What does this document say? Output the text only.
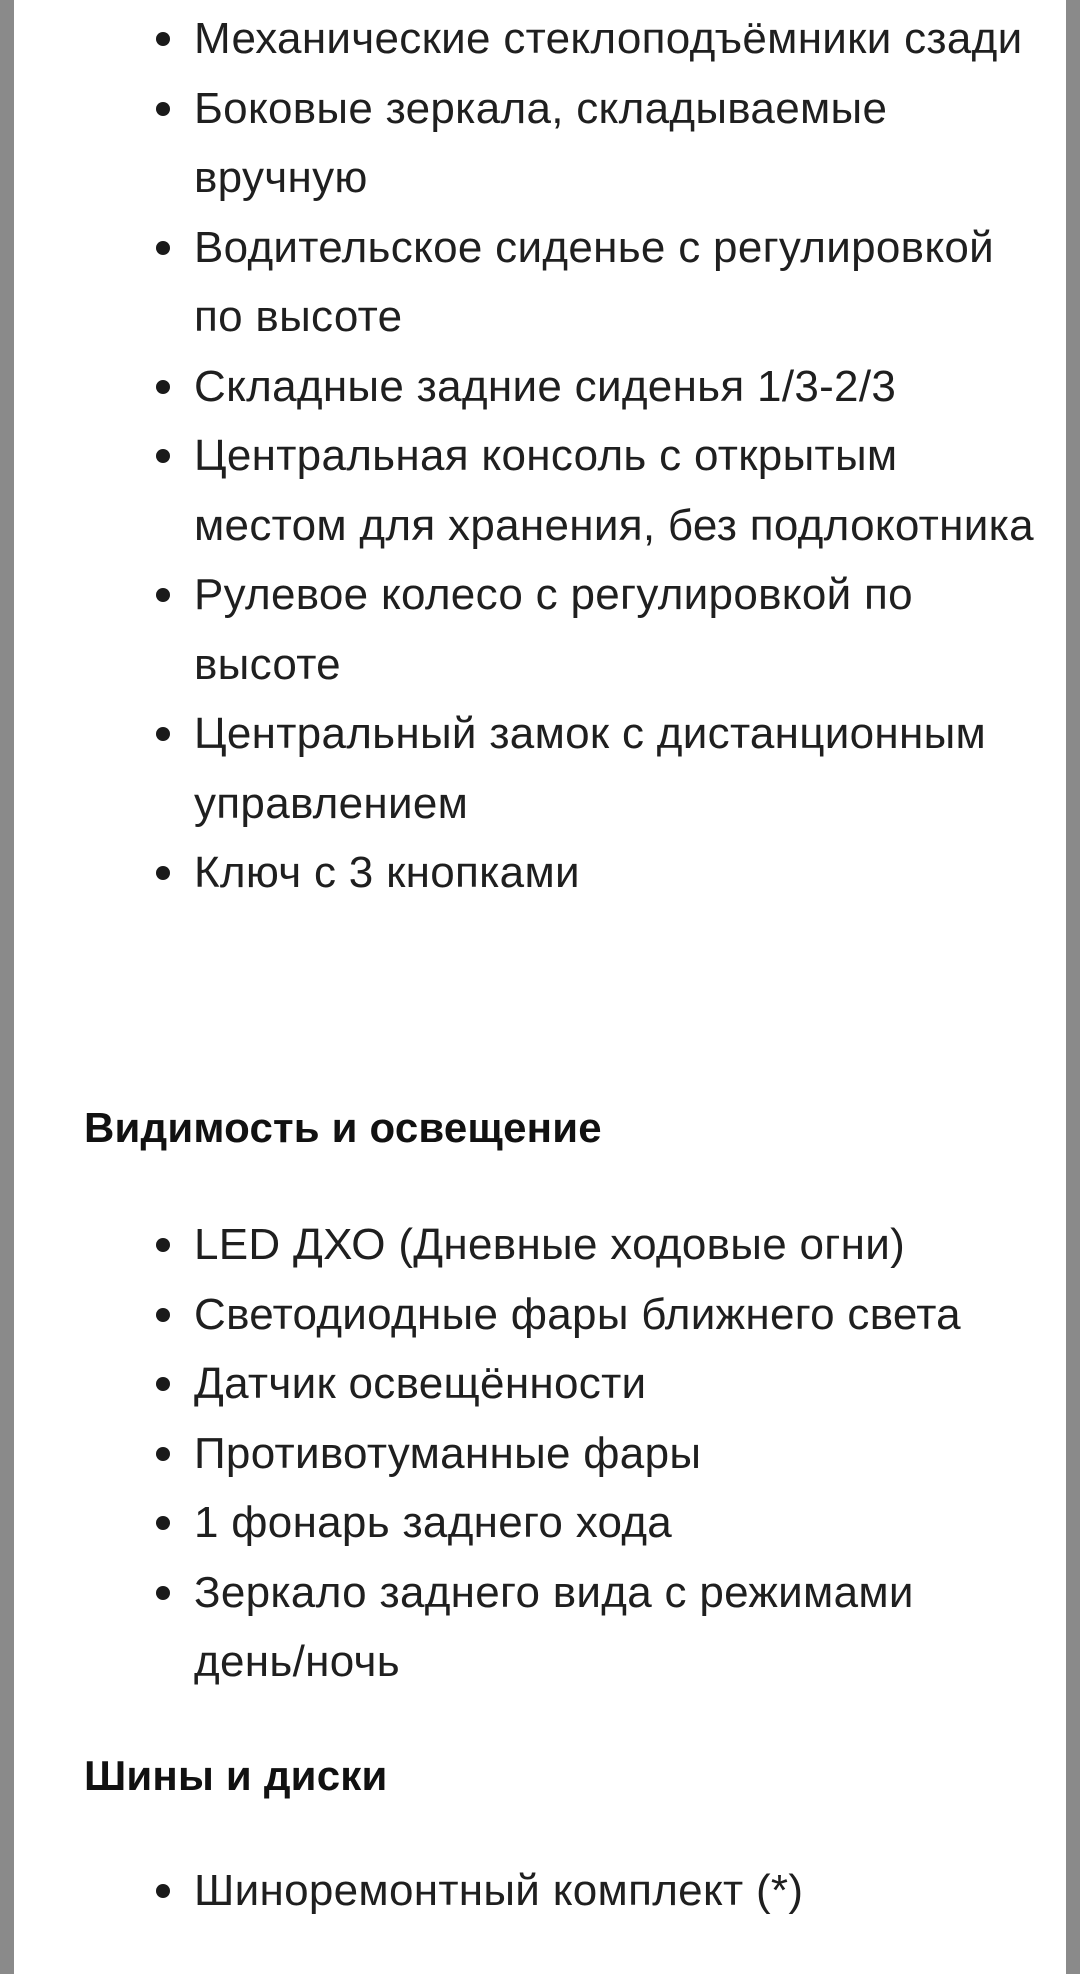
Механические стеклоподъёмники сзади
Боковые зеркала, складываемые вручную
Водительское сиденье с регулировкой по высоте
Складные задние сиденья 1/3-2/3
Центральная консоль с открытым местом для хранения, без подлокотника
Рулевое колесо с регулировкой по высоте
Центральный замок с дистанционным управлением
Ключ с 3 кнопками
Видимость и освещение
LED ДХО (Дневные ходовые огни)
Светодиодные фары ближнего света
Датчик освещённости
Противотуманные фары
1 фонарь заднего хода
Зеркало заднего вида с режимами день/ночь
Шины и диски
Шиноремонтный комплект (*)
